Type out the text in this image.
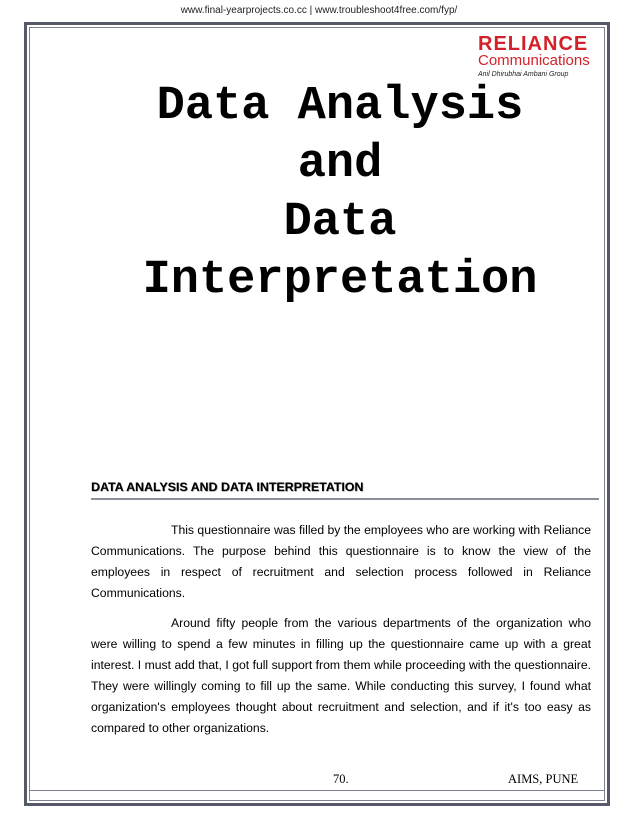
www.final-yearprojects.co.cc | www.troubleshoot4free.com/fyp/
RELIANCE
Communications
Anil Dhirubhai Ambani Group
Data Analysis
and
Data
Interpretation
DATA ANALYSIS AND DATA INTERPRETATION
This questionnaire was filled by the employees who are working with Reliance Communications. The purpose behind this questionnaire is to know the view of the employees in respect of recruitment and selection process followed in Reliance Communications.
Around fifty people from the various departments of the organization who were willing to spend a few minutes in filling up the questionnaire came up with a great interest. I must add that, I got full support from them while proceeding with the questionnaire. They were willingly coming to fill up the same. While conducting this survey, I found what organization's employees thought about recruitment and selection, and if it's too easy as compared to other organizations.
70.	AIMS, PUNE
